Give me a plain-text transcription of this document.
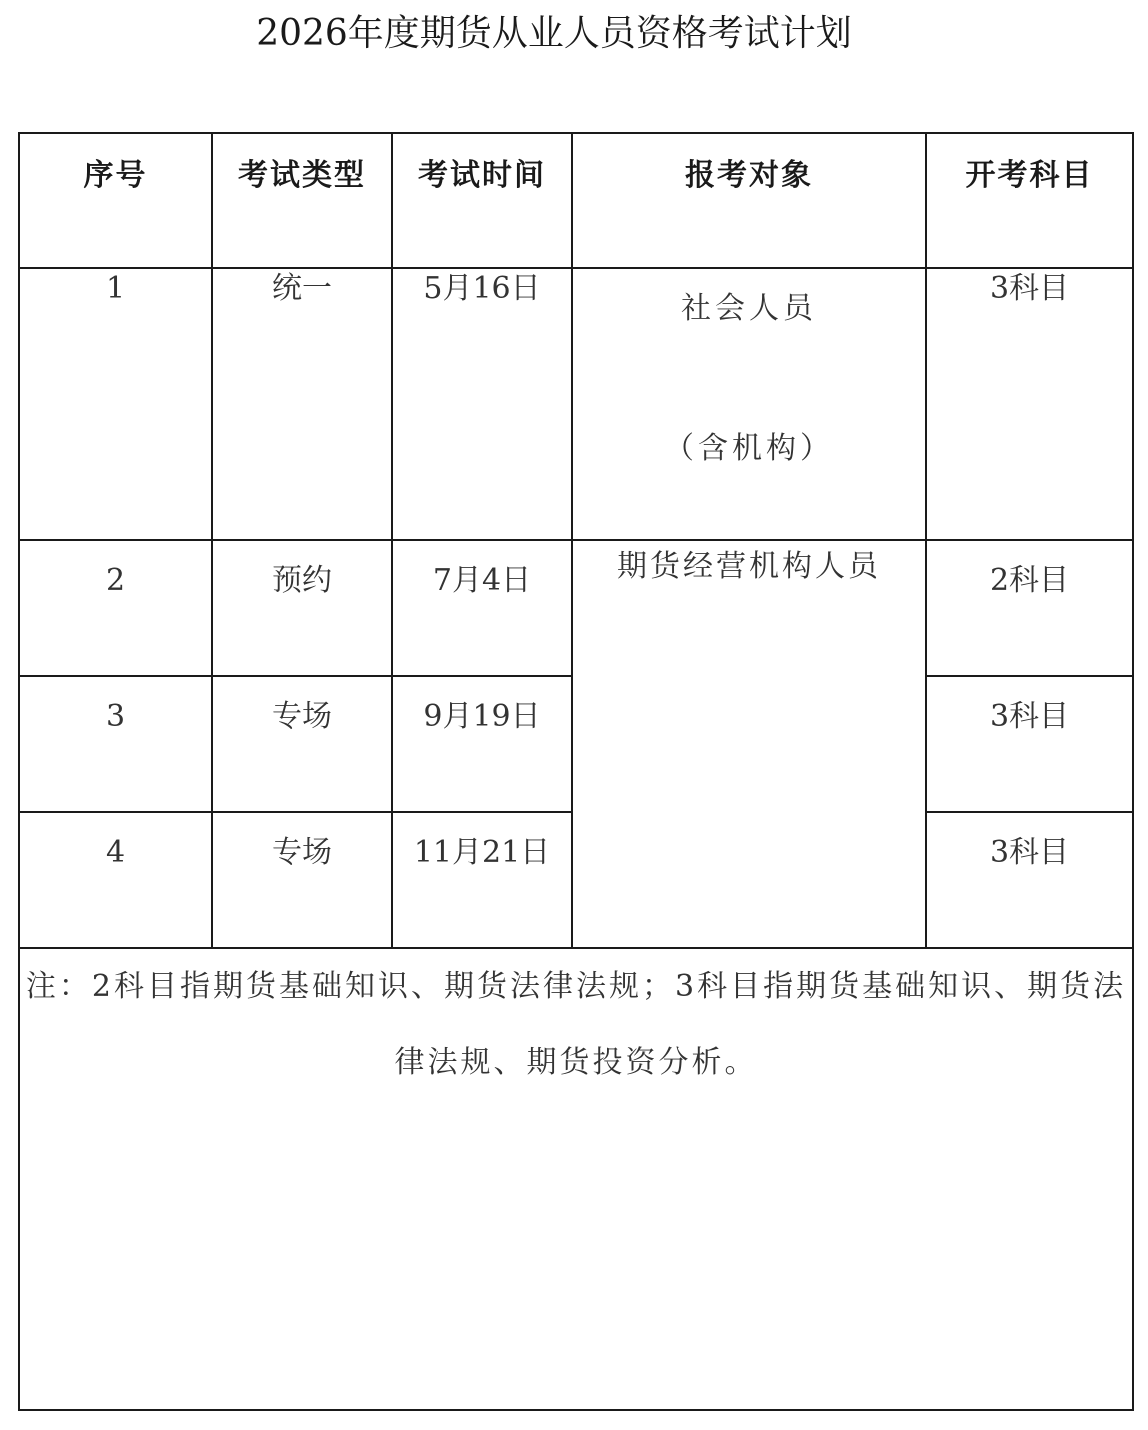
2026年度期货从业人员资格考试计划
序号	考试类型	考试时间	报考对象	开考科目

1	统一	5月16日	社会人员
（含机构）	3科目

2	预约	7月4日	期货经营机构人员	2科目

3	专场	9月19日		3科目

4	专场	11月21日		3科目

注：2科目指期货基础知识、期货法律法规；3科目指期货基础知识、期货法律法规、期货投资分析。				
